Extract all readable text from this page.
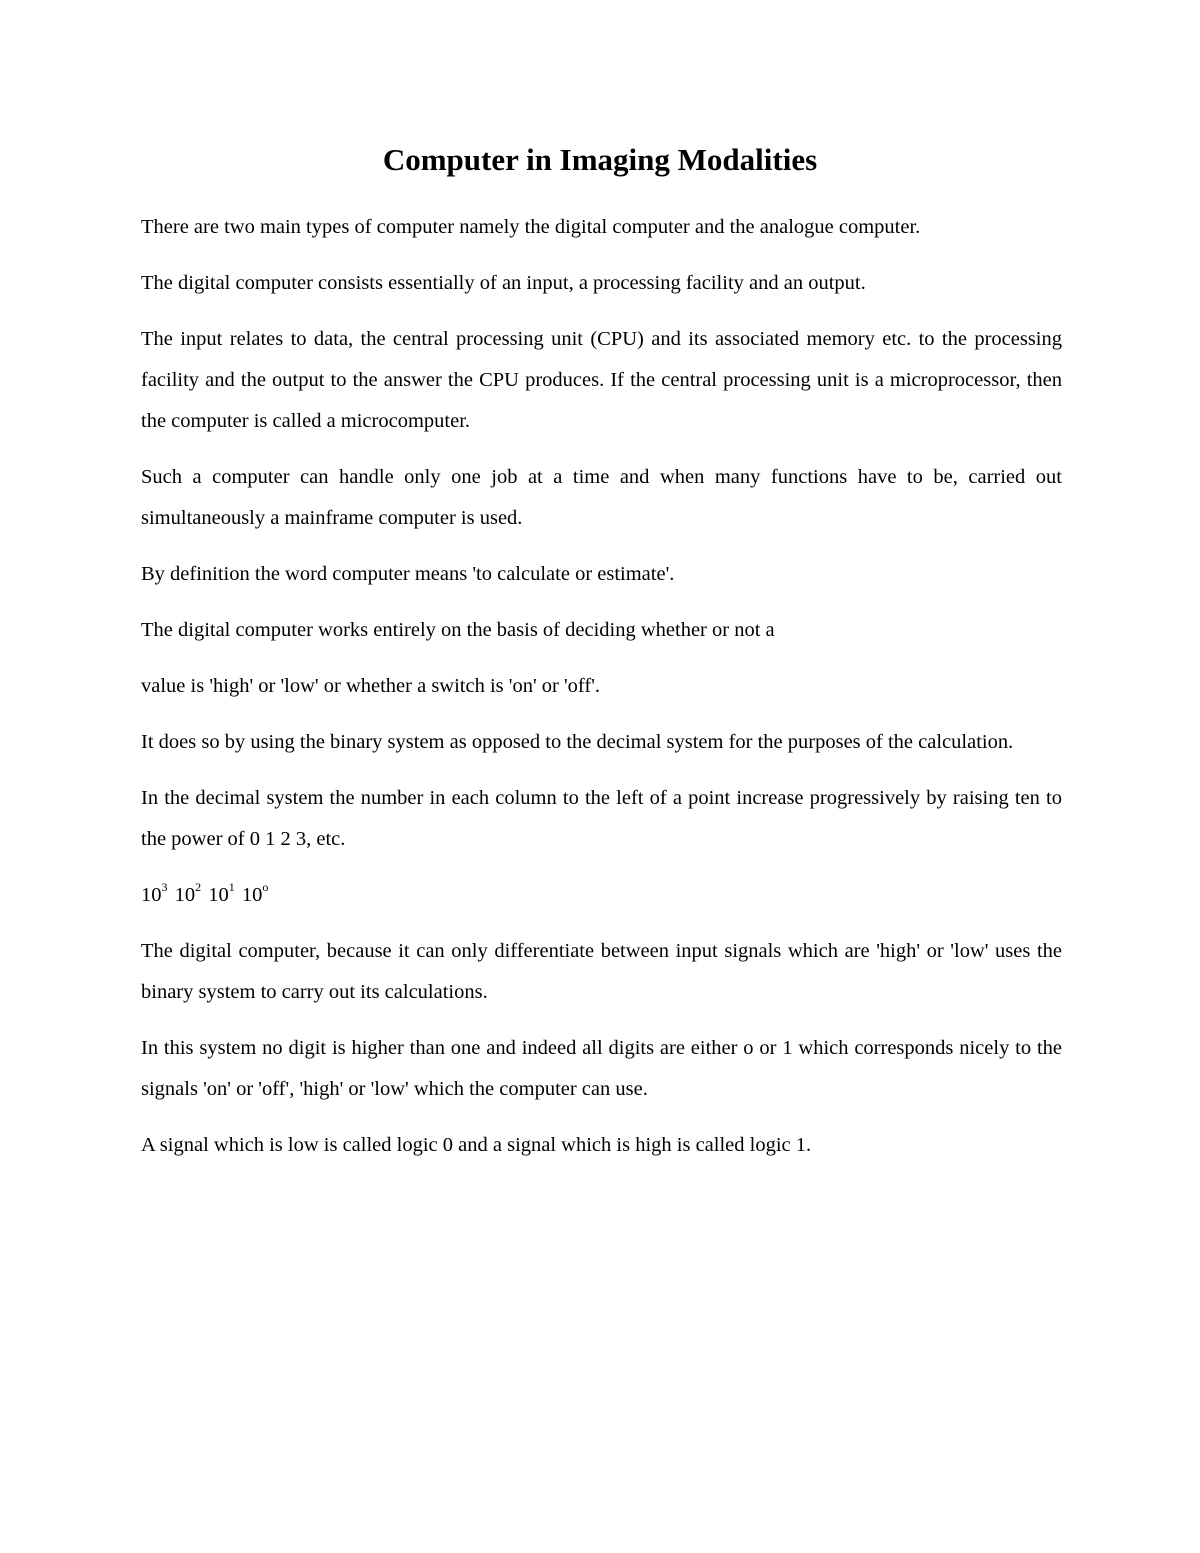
Computer in Imaging Modalities

There are two main types of computer namely the digital computer and the analogue computer.

The digital computer consists essentially of an input, a processing facility and an output.

The input relates to data, the central processing unit (CPU) and its associated memory etc. to the processing facility and the output to the answer the CPU produces. If the central processing unit is a microprocessor, then the computer is called a microcomputer.

Such a computer can handle only one job at a time and when many functions have to be, carried out simultaneously a mainframe computer is used.

By definition the word computer means 'to calculate or estimate'.

The digital computer works entirely on the basis of deciding whether or not a

value is 'high' or 'low' or whether a switch is 'on' or 'off'.

It does so by using the binary system as opposed to the decimal system for the purposes of the calculation.

In the decimal system the number in each column to the left of a point increase progressively by raising ten to the power of 0 1 2 3, etc.

$10^3$ $10^2$ $10^1$ 10$^o$

The digital computer, because it can only differentiate between input signals which are 'high' or 'low' uses the binary system to carry out its calculations.

In this system no digit is higher than one and indeed all digits are either o or 1 which corresponds nicely to the signals 'on' or 'off', 'high' or 'low' which the computer can use.

A signal which is low is called logic 0 and a signal which is high is called logic 1.
